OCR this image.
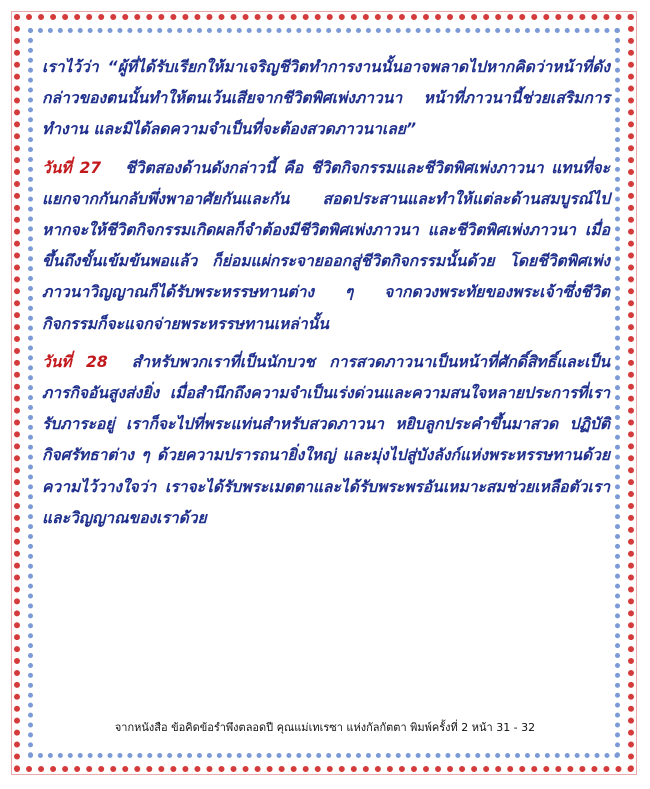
เราไว้ว่า “ผู้ที่ได้รับเรียกให้มาเจริญชีวิตทำการงานนั้นอาจพลาดไปหากคิดว่าหน้าที่ดังกล่าวของตนนั้นทำให้ตนเว้นเสียจากชีวิตพิศเพ่งภาวนา หน้าที่ภาวนานี้ช่วยเสริมการทำงาน และมิได้ลดความจำเป็นที่จะต้องสวดภาวนาเลย”

วันที่ 27 ชีวิตสองด้านดังกล่าวนี้ คือ ชีวิตกิจกรรมและชีวิตพิศเพ่งภาวนา แทนที่จะแยกจากกันกลับพึ่งพาอาศัยกันและกัน สอดประสานและทำให้แต่ละด้านสมบูรณ์ไป หากจะให้ชีวิตกิจกรรมเกิดผลก็จำต้องมีชีวิตพิศเพ่งภาวนา และชีวิตพิศเพ่งภาวนา เมื่อขึ้นถึงขั้นเข้มข้นพอแล้ว ก็ย่อมแผ่กระจายออกสู่ชีวิตกิจกรรมนั้นด้วย โดยชีวิตพิศเพ่งภาวนาวิญญาณก็ได้รับพระหรรษทานต่าง ๆ จากดวงพระทัยของพระเจ้าซึ่งชีวิตกิจกรรมก็จะแจกจ่ายพระหรรษทานเหล่านั้น

วันที่ 28 สำหรับพวกเราที่เป็นนักบวช การสวดภาวนาเป็นหน้าที่ศักดิ์สิทธิ์และเป็นภารกิจอันสูงส่งยิ่ง เมื่อสำนึกถึงความจำเป็นเร่งด่วนและความสนใจหลายประการที่เรารับภาระอยู่ เราก็จะไปที่พระแท่นสำหรับสวดภาวนา หยิบลูกประคำขึ้นมาสวด ปฏิบัติกิจศรัทธาต่าง ๆ ด้วยความปรารถนายิ่งใหญ่ และมุ่งไปสู่บังลังก์แห่งพระหรรษทานด้วยความไว้วางใจว่า เราจะได้รับพระเมตตาและได้รับพระพรอันเหมาะสมช่วยเหลือตัวเราและวิญญาณของเราด้วย

จากหนังสือ ข้อคิดข้อรำพึงตลอดปี คุณแม่เทเรซา แห่งกัลกัตตา พิมพ์ครั้งที่ 2 หน้า 31 - 32
